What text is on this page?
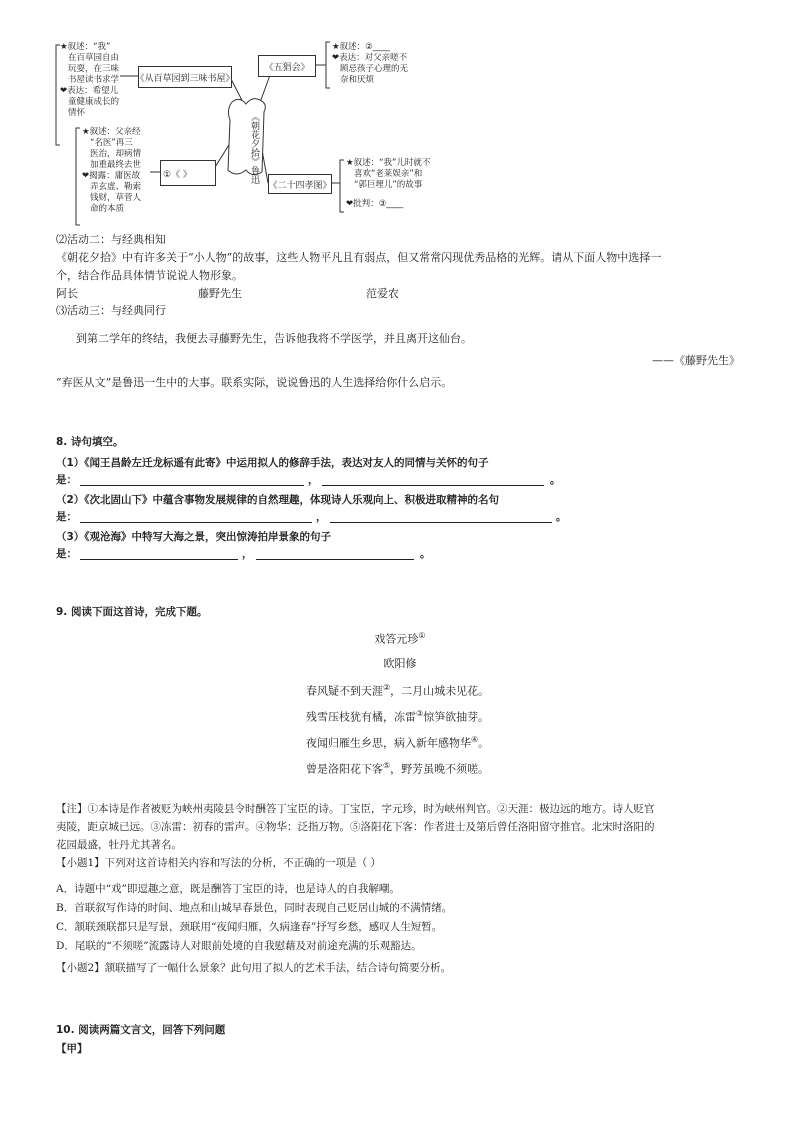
★叙述：“我”
在百草园自由
玩耍，在三味
书屋读书求学
❤表达：希望儿
童健康成长的
情怀
《从百草园到三味书屋》
《五猖会》
★叙述：②____
❤表达：对父亲嗟不
顾忌孩子心理的无
奈和厌烦
《朝花夕拾》鲁迅
★叙述：父亲经
“名医”再三
医治，却病情
加重最终去世
❤揭露：庸医故
弄玄虚、勒索
钱财，草菅人
命的本质
①《 》
《二十四孝图》
★叙述：“我”儿时就不
喜欢“老莱娱亲”和
“郭巨埋儿”的故事
❤批判：③____
⑵活动二：与经典相知
《朝花夕拾》中有许多关于“小人物”的故事，这些人物平凡且有弱点，但又常常闪现优秀品格的光辉。请从下面人物中选择一
个，结合作品具体情节说说人物形象。
阿长	藤野先生	范爱农
⑶活动三：与经典同行
到第二学年的终结，我便去寻藤野先生，告诉他我将不学医学，并且离开这仙台。
——《藤野先生》
“弃医从文”是鲁迅一生中的大事。联系实际，说说鲁迅的人生选择给你什么启示。
8. 诗句填空。
（1）《闻王昌龄左迁龙标遥有此寄》中运用拟人的修辞手法，表达对友人的同情与关怀的句子
是：	，	。
（2）《次北固山下》中蕴含事物发展规律的自然理趣，体现诗人乐观向上、积极进取精神的名句
是：	，	。
（3）《观沧海》中特写大海之景，突出惊涛拍岸景象的句子
是：	，	。
9. 阅读下面这首诗，完成下题。
戏答元珍①
欧阳修
春风疑不到天涯②，二月山城未见花。
残雪压枝犹有橘，冻雷③惊笋欲抽芽。
夜闻归雁生乡思，病入新年感物华④。
曾是洛阳花下客⑤，野芳虽晚不须嗟。
【注】①本诗是作者被贬为峡州夷陵县令时酬答丁宝臣的诗。丁宝臣，字元珍，时为峡州判官。②天涯：极边远的地方。诗人贬官
夷陵，距京城已远。③冻雷：初春的雷声。④物华：泛指万物。⑤洛阳花下客：作者进士及第后曾任洛阳留守推官。北宋时洛阳的
花园最盛，牡丹尤其著名。
【小题1】下列对这首诗相关内容和写法的分析，不正确的一项是（ ）
A．诗题中“戏”即逗趣之意，既是酬答丁宝臣的诗，也是诗人的自我解嘲。
B．首联叙写作诗的时间、地点和山城早春景色，同时表现自己贬居山城的不满情绪。
C．颔联颈联都只是写景，颈联用“夜闻归雁，久病逢春”抒写乡愁，感叹人生短暂。
D．尾联的“不须嗟”流露诗人对眼前处境的自我慰藉及对前途充满的乐观豁达。
【小题2】颔联描写了一幅什么景象？此句用了拟人的艺术手法，结合诗句简要分析。
10. 阅读两篇文言文，回答下列问题
【甲】
